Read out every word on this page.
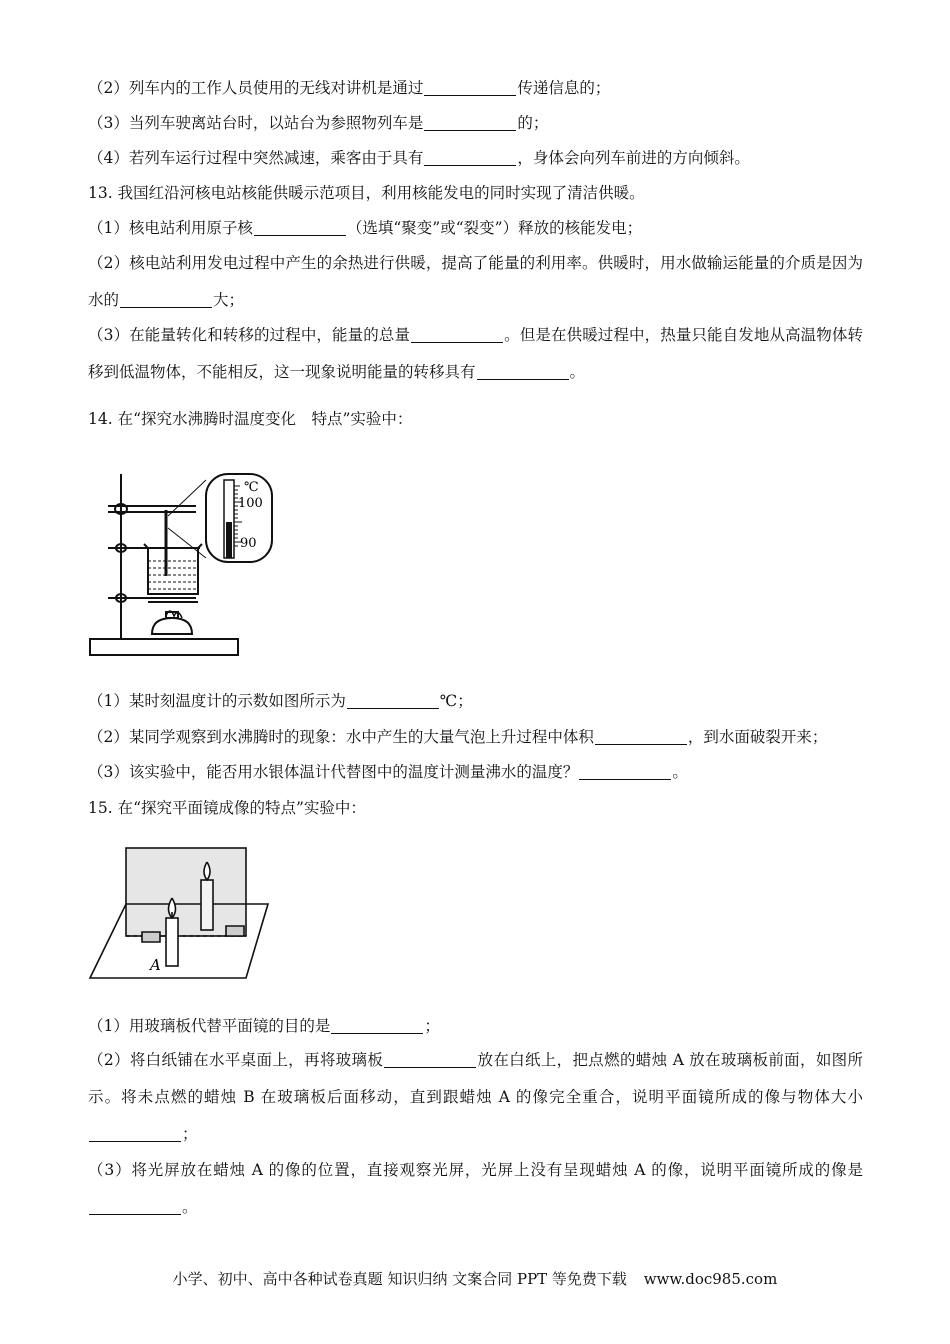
（2）列车内的工作人员使用的无线对讲机是通过	传递信息的；
（3）当列车驶离站台时，以站台为参照物列车是	的；
（4）若列车运行过程中突然减速，乘客由于具有	，身体会向列车前进的方向倾斜。
13. 我国红沿河核电站核能供暖示范项目，利用核能发电的同时实现了清洁供暖。
（1）核电站利用原子核	（选填“聚变”或“裂变”）释放的核能发电；
（2）核电站利用发电过程中产生的余热进行供暖，提高了能量的利用率。供暖时，用水做输运能量的介质是因为水的	大；
（3）在能量转化和转移的过程中，能量的总量	。但是在供暖过程中，热量只能自发地从高温物体转移到低温物体，不能相反，这一现象说明能量的转移具有	。
14. 在“探究水沸腾时温度变化　特点”实验中：
℃
100
90
（1）某时刻温度计的示数如图所示为	℃；
（2）某同学观察到水沸腾时的现象：水中产生的大量气泡上升过程中体积	，到水面破裂开来；
（3）该实验中，能否用水银体温计代替图中的温度计测量沸水的温度？	。
15. 在“探究平面镜成像的特点”实验中：
A
（1）用玻璃板代替平面镜的目的是	；
（2）将白纸铺在水平桌面上，再将玻璃板	放在白纸上，把点燃的蜡烛 A 放在玻璃板前面，如图所示。将未点燃的蜡烛 B 在玻璃板后面移动，直到跟蜡烛 A 的像完全重合，说明平面镜所成的像与物体大小；
（3）将光屏放在蜡烛 A 的像的位置，直接观察光屏，光屏上没有呈现蜡烛 A 的像，说明平面镜所成的像是。
小学、初中、高中各种试卷真题 知识归纳 文案合同 PPT 等免费下载 www.doc985.com
